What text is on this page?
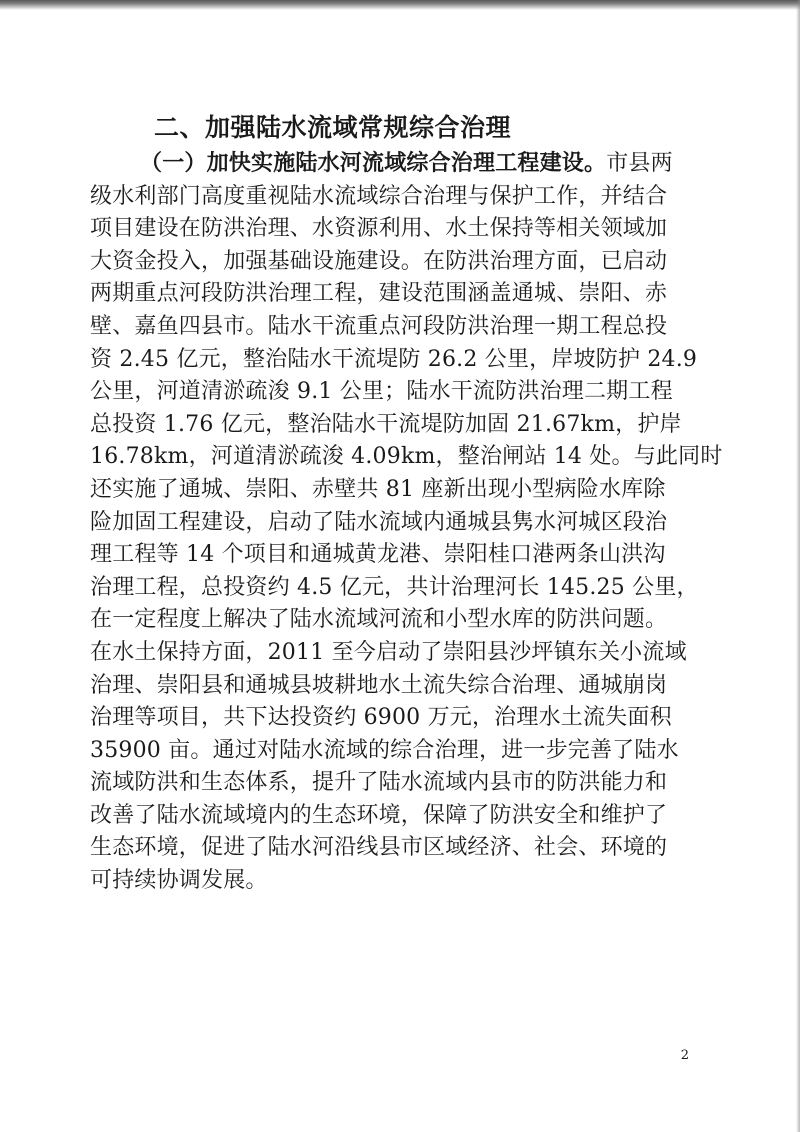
二、加强陆水流域常规综合治理
（一）加快实施陆水河流域综合治理工程建设。市县两
级水利部门高度重视陆水流域综合治理与保护工作，并结合
项目建设在防洪治理、水资源利用、水土保持等相关领域加
大资金投入，加强基础设施建设。在防洪治理方面，已启动
两期重点河段防洪治理工程，建设范围涵盖通城、崇阳、赤
壁、嘉鱼四县市。陆水干流重点河段防洪治理一期工程总投
资 2.45 亿元，整治陆水干流堤防 26.2 公里，岸坡防护 24.9
公里，河道清淤疏浚 9.1 公里；陆水干流防洪治理二期工程
总投资 1.76 亿元，整治陆水干流堤防加固 21.67km，护岸
16.78km，河道清淤疏浚 4.09km，整治闸站 14 处。与此同时
还实施了通城、崇阳、赤壁共 81 座新出现小型病险水库除
险加固工程建设，启动了陆水流域内通城县隽水河城区段治
理工程等 14 个项目和通城黄龙港、崇阳桂口港两条山洪沟
治理工程，总投资约 4.5 亿元，共计治理河长 145.25 公里，
在一定程度上解决了陆水流域河流和小型水库的防洪问题。
在水土保持方面，2011 至今启动了崇阳县沙坪镇东关小流域
治理、崇阳县和通城县坡耕地水土流失综合治理、通城崩岗
治理等项目，共下达投资约 6900 万元，治理水土流失面积
35900 亩。通过对陆水流域的综合治理，进一步完善了陆水
流域防洪和生态体系，提升了陆水流域内县市的防洪能力和
改善了陆水流域境内的生态环境，保障了防洪安全和维护了
生态环境，促进了陆水河沿线县市区域经济、社会、环境的
可持续协调发展。
2
